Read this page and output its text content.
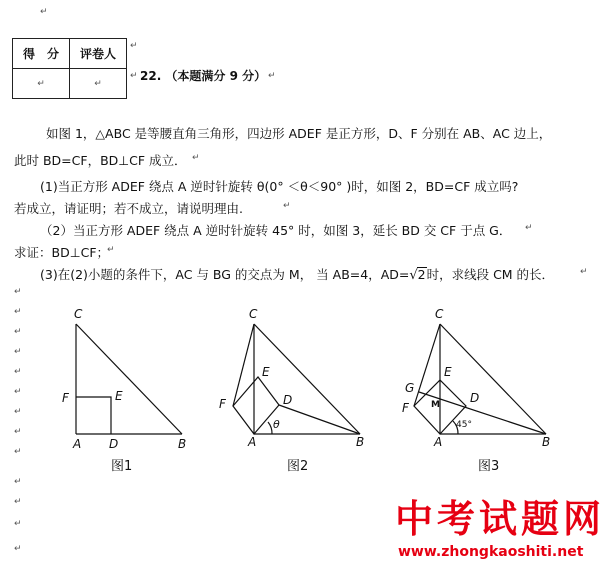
↵
↵
↵
↵
↵
↵
↵
↵
↵
↵
↵
↵
↵
↵
↵
↵	↵
↵
↵
↵
↵
↵
得　分	评卷人
↵	↵
22. （本题满分 9 分）
如图 1，△ABC 是等腰直角三角形，四边形 ADEF 是正方形，D、F 分别在 AB、AC 边上，
此时 BD=CF，BD⊥CF 成立．
(1)当正方形 ADEF 绕点 A 逆时针旋转 θ(0° ＜θ＜90° )时，如图 2，BD=CF 成立吗?
若成立，请证明；若不成立，请说明理由.
（2）当正方形 ADEF 绕点 A 逆时针旋转 45° 时，如图 3，延长 BD 交 CF 于点 G．
求证：BD⊥CF；
(3)在(2)小题的条件下，AC 与 BG 的交点为 M， 当 AB=4，AD=√2时，求线段 CM 的长．
C
F	E
A D	B
C
E
F	D
A	B
θ
C
E
G
M
F
D
A	B
45°
图1	图2	图3
中考试题网
www.zhongkaoshiti.net
